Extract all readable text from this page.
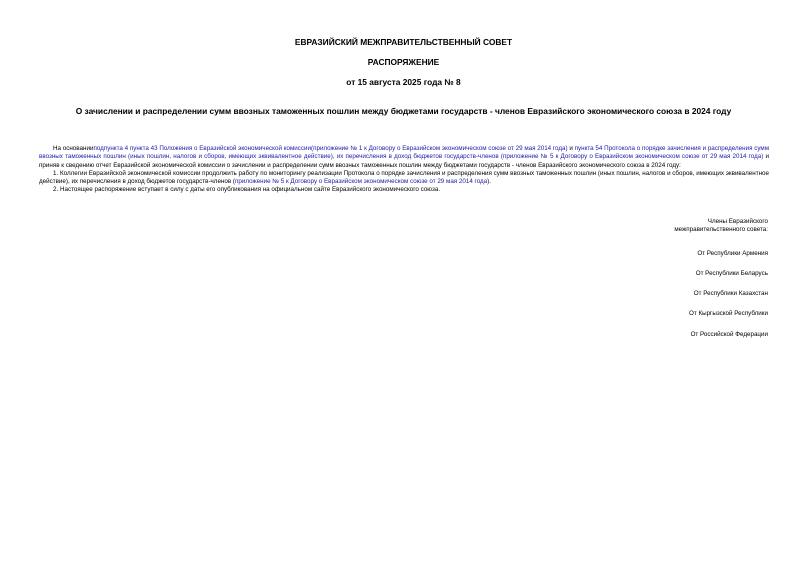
ЕВРАЗИЙСКИЙ МЕЖПРАВИТЕЛЬСТВЕННЫЙ СОВЕТ
РАСПОРЯЖЕНИЕ
от 15 августа 2025 года № 8
О зачислении и распределении сумм ввозных таможенных пошлин между бюджетами государств - членов Евразийского экономического союза в 2024 году

На основанииподпункта 4 пункта 43 Положения о Евразийской экономической комиссии(приложение № 1 к Договору о Евразийском экономическом союзе от 29 мая 2014 года) и пункта 54 Протокола о порядке зачисления и распределения сумм ввозных таможенных пошлин (иных пошлин, налогов и сборов, имеющих эквивалентное действие), их перечисления в доход бюджетов государств-членов (приложение № 5 к Договору о Евразийском экономическом союзе от 29 мая 2014 года) и приняв к сведению отчет Евразийской экономической комиссии о зачислении и распределении сумм ввозных таможенных пошлин между бюджетами государств - членов Евразийского экономического союза в 2024 году:

1. Коллегии Евразийской экономической комиссии продолжить работу по мониторингу реализации Протокола о порядке зачисления и распределения сумм ввозных таможенных пошлин (иных пошлин, налогов и сборов, имеющих эквивалентное действие), их перечисления в доход бюджетов государств-членов (приложение № 5 к Договору о Евразийском экономическом союзе от 29 мая 2014 года).

2. Настоящее распоряжение вступает в силу с даты его опубликования на официальном сайте Евразийского экономического союза.

Члены Евразийского
межправительственного совета:
От Республики Армения
От Республики Беларусь
От Республики Казахстан
От Кыргызской Республики
От Российской Федерации
